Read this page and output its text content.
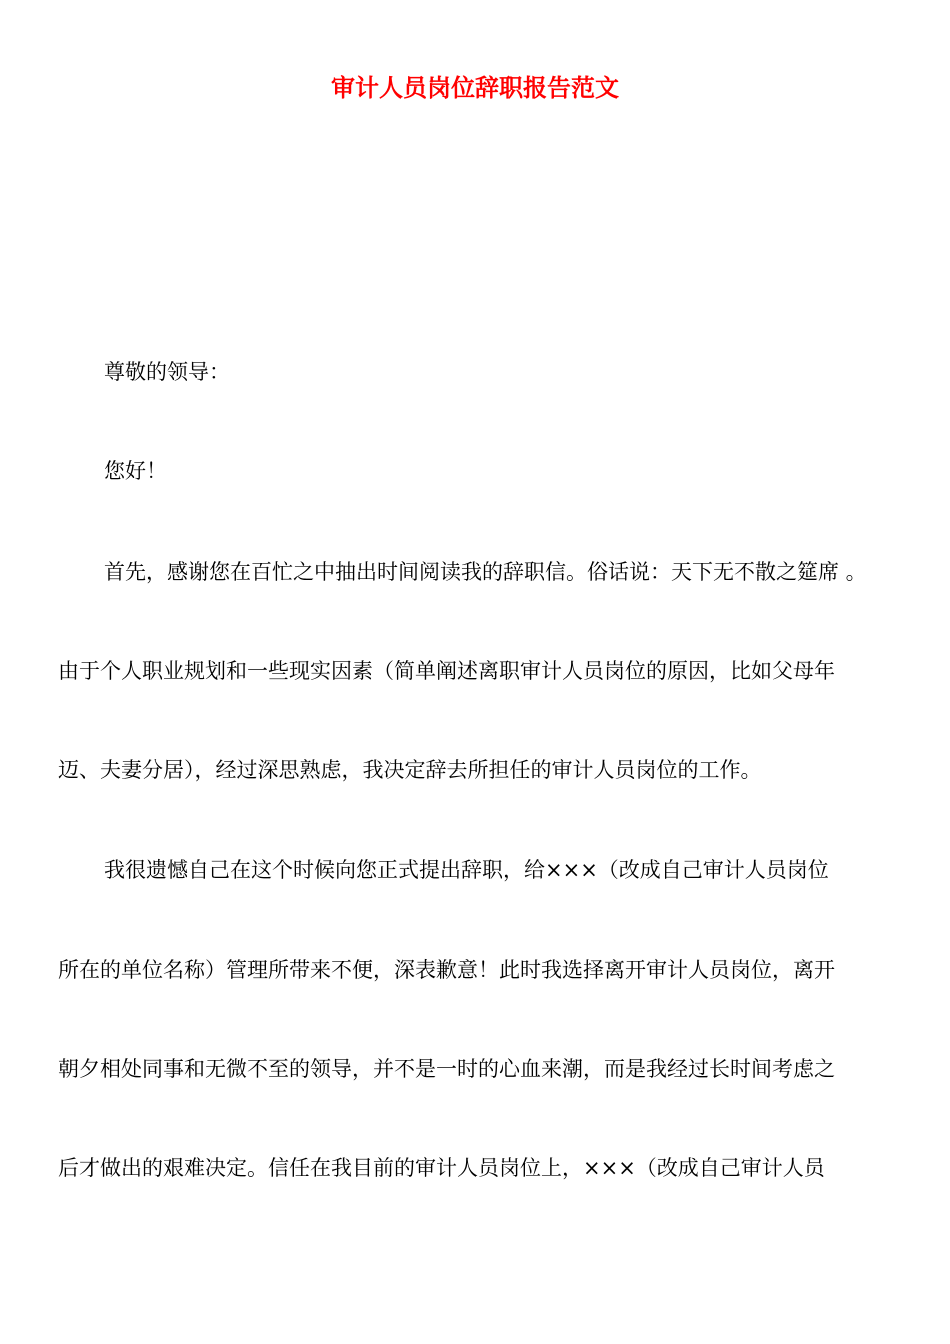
审计人员岗位辞职报告范文

尊敬的领导：

您好！

首先，感谢您在百忙之中抽出时间阅读我的辞职信。俗话说：天下无不散之筵席 。

由于个人职业规划和一些现实因素（简单阐述离职审计人员岗位的原因，比如父母年

迈、夫妻分居），经过深思熟虑，我决定辞去所担任的审计人员岗位的工作。

我很遗憾自己在这个时候向您正式提出辞职，给×××（改成自己审计人员岗位

所在的单位名称）管理所带来不便，深表歉意！此时我选择离开审计人员岗位，离开

朝夕相处同事和无微不至的领导，并不是一时的心血来潮，而是我经过长时间考虑之

后才做出的艰难决定。信任在我目前的审计人员岗位上，×××（改成自己审计人员
